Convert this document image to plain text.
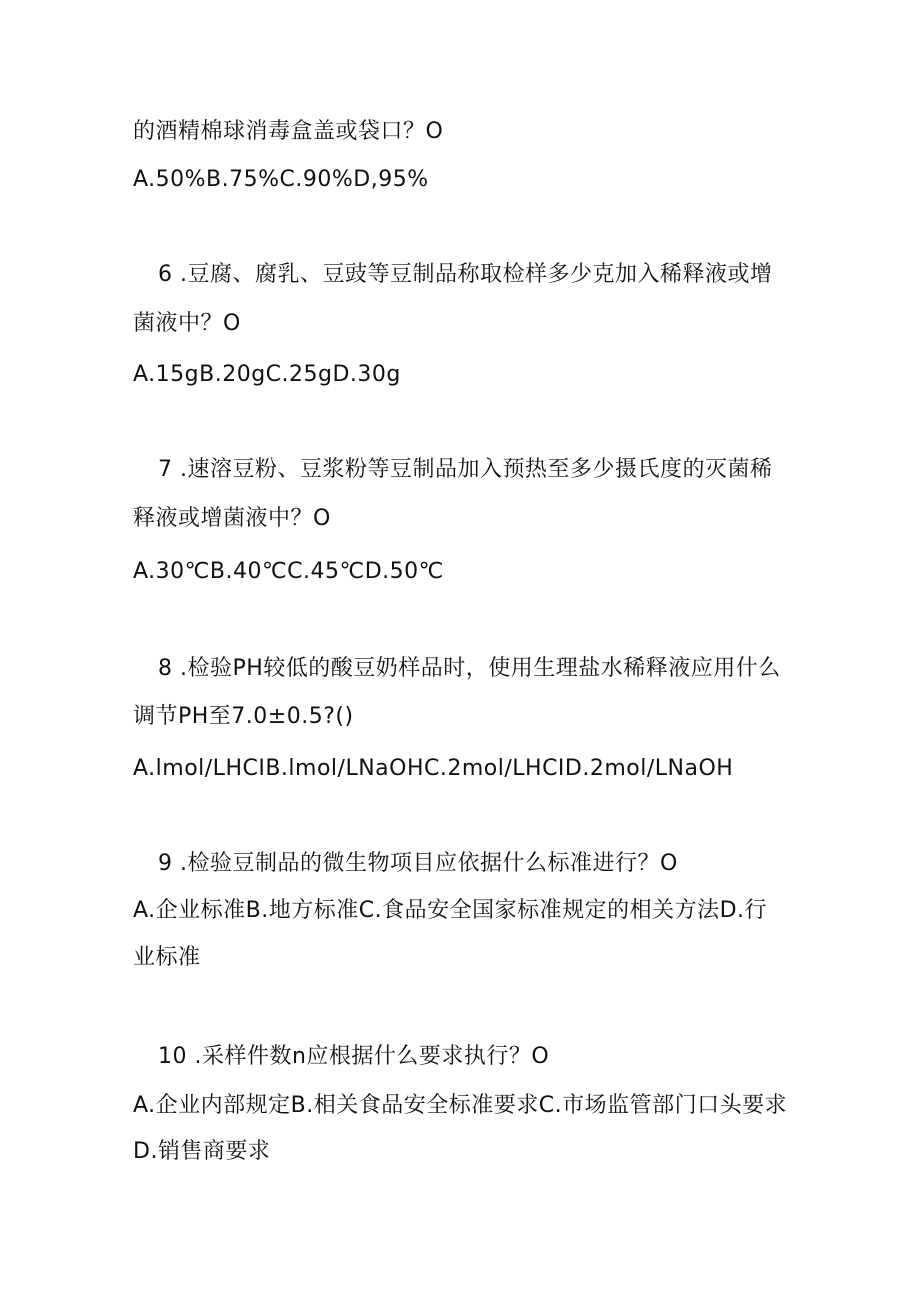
的酒精棉球消毒盒盖或袋口？O
A.50%B.75%C.90%D,95%
6 .豆腐、腐乳、豆豉等豆制品称取检样多少克加入稀释液或增
菌液中？O
A.15gB.20gC.25gD.30g
7 .速溶豆粉、豆浆粉等豆制品加入预热至多少摄氏度的灭菌稀
释液或增菌液中？O
A.30℃B.40℃C.45℃D.50℃
8 .检验PH较低的酸豆奶样品时，使用生理盐水稀释液应用什么
调节PH至7.0±0.5?()
A.lmol∕LHCIB.lmol∕LNaOHC.2mol∕LHCID.2mol∕LNaOH
9 .检验豆制品的微生物项目应依据什么标准进行？O
A.企业标准B.地方标准C.食品安全国家标准规定的相关方法D.行
业标准
10 .采样件数n应根据什么要求执行？O
A.企业内部规定B.相关食品安全标准要求C.市场监管部门口头要求
D.销售商要求
